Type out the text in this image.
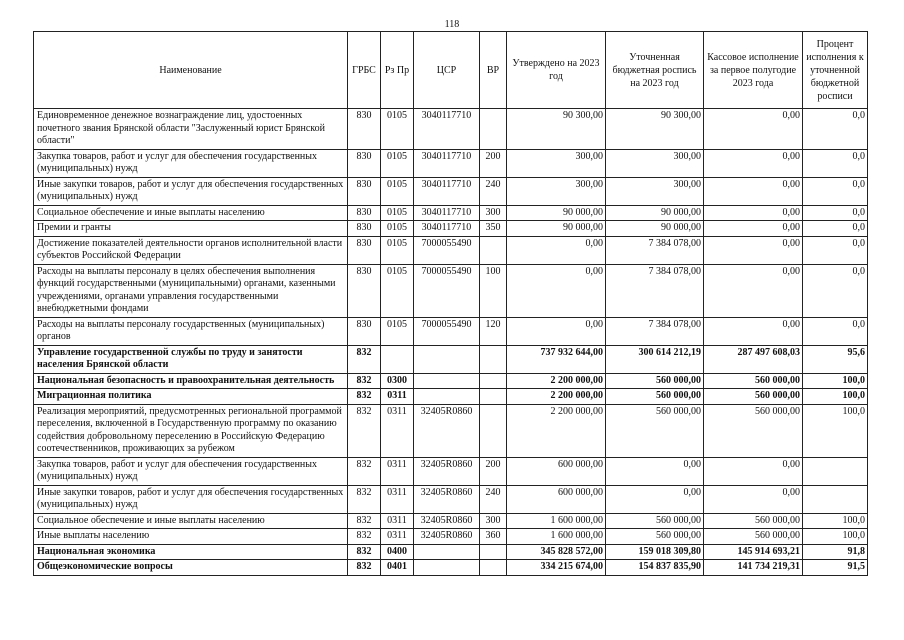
118
Наименование	ГРБС	Рз Пр	ЦСР	ВР	Утверждено на 2023 год	Уточненная бюджетная роспись на 2023 год	Кассовое исполнение за первое полугодие 2023 года	Процент исполнения к уточненной бюджетной росписи
Единовременное денежное вознаграждение лиц, удостоенных почетного звания Брянской области "Заслуженный юрист Брянской области"	830	0105	3040117710		90 300,00	90 300,00	0,00	0,0
Закупка товаров, работ и услуг для обеспечения государственных (муниципальных) нужд	830	0105	3040117710	200	300,00	300,00	0,00	0,0
Иные закупки товаров, работ и услуг для обеспечения государственных (муниципальных) нужд	830	0105	3040117710	240	300,00	300,00	0,00	0,0
Социальное обеспечение и иные выплаты населению	830	0105	3040117710	300	90 000,00	90 000,00	0,00	0,0
Премии и гранты	830	0105	3040117710	350	90 000,00	90 000,00	0,00	0,0
Достижение показателей деятельности органов исполнительной власти субъектов Российской Федерации	830	0105	7000055490		0,00	7 384 078,00	0,00	0,0
Расходы на выплаты персоналу в целях обеспечения выполнения функций государственными (муниципальными) органами, казенными учреждениями, органами управления государственными внебюджетными фондами	830	0105	7000055490	100	0,00	7 384 078,00	0,00	0,0
Расходы на выплаты персоналу государственных (муниципальных) органов	830	0105	7000055490	120	0,00	7 384 078,00	0,00	0,0
Управление государственной службы по труду и занятости населения Брянской области	832				737 932 644,00	300 614 212,19	287 497 608,03	95,6
Национальная безопасность и правоохранительная деятельность	832	0300			2 200 000,00	560 000,00	560 000,00	100,0
Миграционная политика	832	0311			2 200 000,00	560 000,00	560 000,00	100,0
Реализация мероприятий, предусмотренных региональной программой переселения, включенной в Государственную программу по оказанию содействия добровольному переселению в Российскую Федерацию соотечественников, проживающих за рубежом	832	0311	32405R0860		2 200 000,00	560 000,00	560 000,00	100,0
Закупка товаров, работ и услуг для обеспечения государственных (муниципальных) нужд	832	0311	32405R0860	200	600 000,00	0,00	0,00	
Иные закупки товаров, работ и услуг для обеспечения государственных (муниципальных) нужд	832	0311	32405R0860	240	600 000,00	0,00	0,00	
Социальное обеспечение и иные выплаты населению	832	0311	32405R0860	300	1 600 000,00	560 000,00	560 000,00	100,0
Иные выплаты населению	832	0311	32405R0860	360	1 600 000,00	560 000,00	560 000,00	100,0
Национальная экономика	832	0400			345 828 572,00	159 018 309,80	145 914 693,21	91,8
Общеэкономические вопросы	832	0401			334 215 674,00	154 837 835,90	141 734 219,31	91,5
